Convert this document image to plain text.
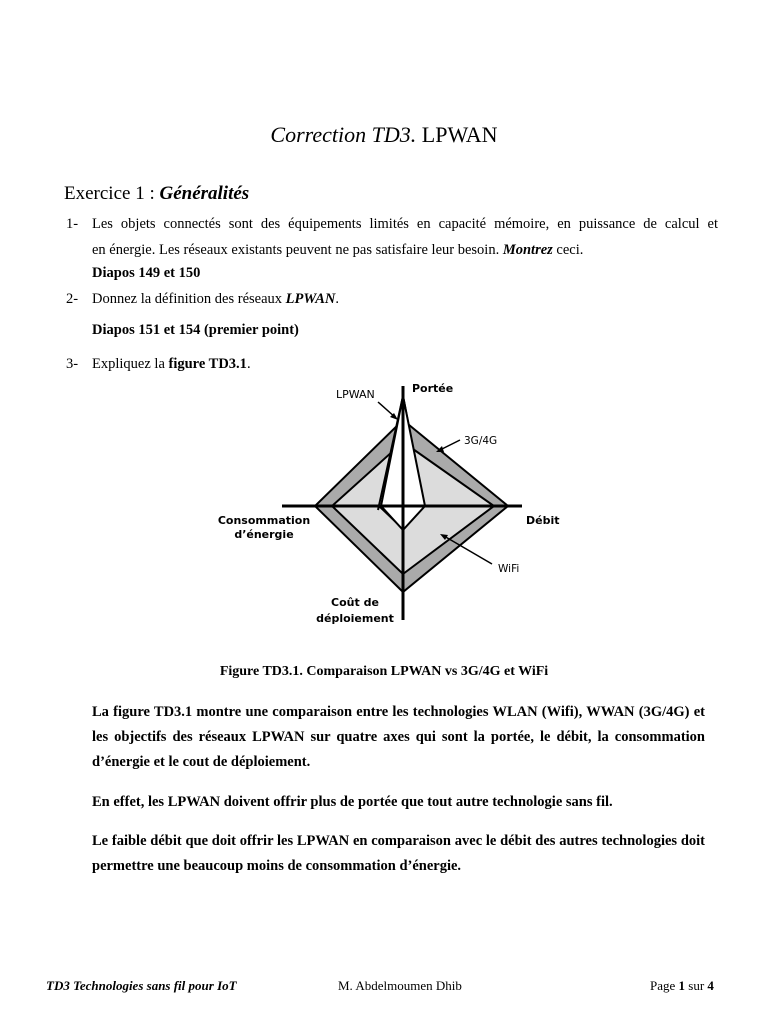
Correction TD3. LPWAN
Exercice 1 : Généralités
1- Les objets connectés sont des équipements limités en capacité mémoire, en puissance de calcul et
en énergie. Les réseaux existants peuvent ne pas satisfaire leur besoin. Montrez ceci.
Diapos 149 et 150
2- Donnez la définition des réseaux LPWAN.
Diapos 151 et 154 (premier point)
3- Expliquez la figure TD3.1.
LPWAN	Portée
3G/4G
Débit
Consommation
d’énergie
WiFi
Coût de
déploiement
Figure TD3.1. Comparaison LPWAN vs 3G/4G et WiFi
La figure TD3.1 montre une comparaison entre les technologies WLAN (Wifi), WWAN (3G/4G) et les objectifs des réseaux LPWAN sur quatre axes qui sont la portée, le débit, la consommation d’énergie et le cout de déploiement.
En effet, les LPWAN doivent offrir plus de portée que tout autre technologie sans fil.
Le faible débit que doit offrir les LPWAN en comparaison avec le débit des autres technologies doit permettre une beaucoup moins de consommation d’énergie.
TD3 Technologies sans fil pour IoT	M. Abdelmoumen Dhib	Page 1 sur 4
